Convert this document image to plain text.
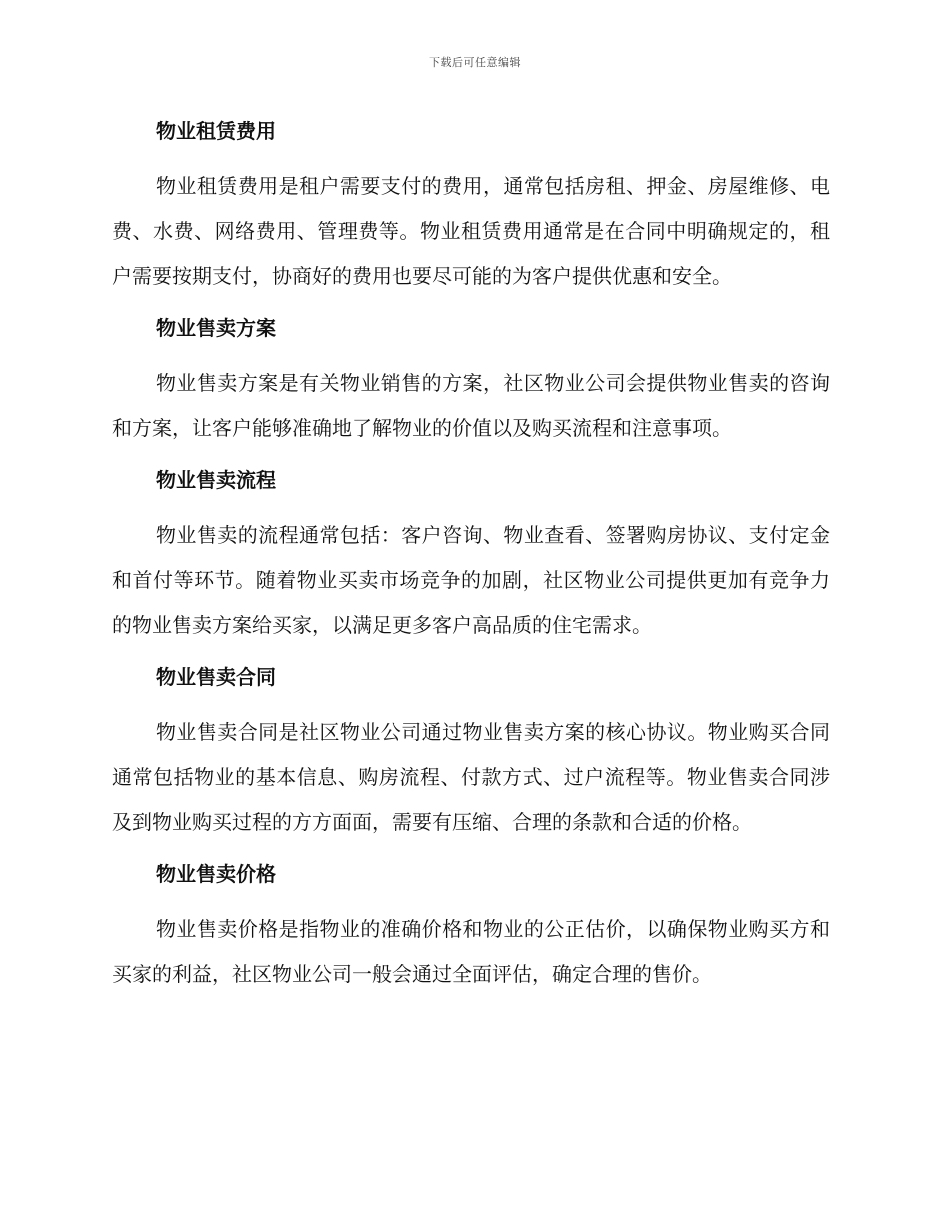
下载后可任意编辑
物业租赁费用

物业租赁费用是租户需要支付的费用，通常包括房租、押金、房屋维修、电费、水费、网络费用、管理费等。物业租赁费用通常是在合同中明确规定的，租户需要按期支付，协商好的费用也要尽可能的为客户提供优惠和安全。

物业售卖方案

物业售卖方案是有关物业销售的方案，社区物业公司会提供物业售卖的咨询和方案，让客户能够准确地了解物业的价值以及购买流程和注意事项。

物业售卖流程

物业售卖的流程通常包括：客户咨询、物业查看、签署购房协议、支付定金和首付等环节。随着物业买卖市场竞争的加剧，社区物业公司提供更加有竞争力的物业售卖方案给买家，以满足更多客户高品质的住宅需求。

物业售卖合同

物业售卖合同是社区物业公司通过物业售卖方案的核心协议。物业购买合同通常包括物业的基本信息、购房流程、付款方式、过户流程等。物业售卖合同涉及到物业购买过程的方方面面，需要有压缩、合理的条款和合适的价格。

物业售卖价格

物业售卖价格是指物业的准确价格和物业的公正估价，以确保物业购买方和买家的利益，社区物业公司一般会通过全面评估，确定合理的售价。
